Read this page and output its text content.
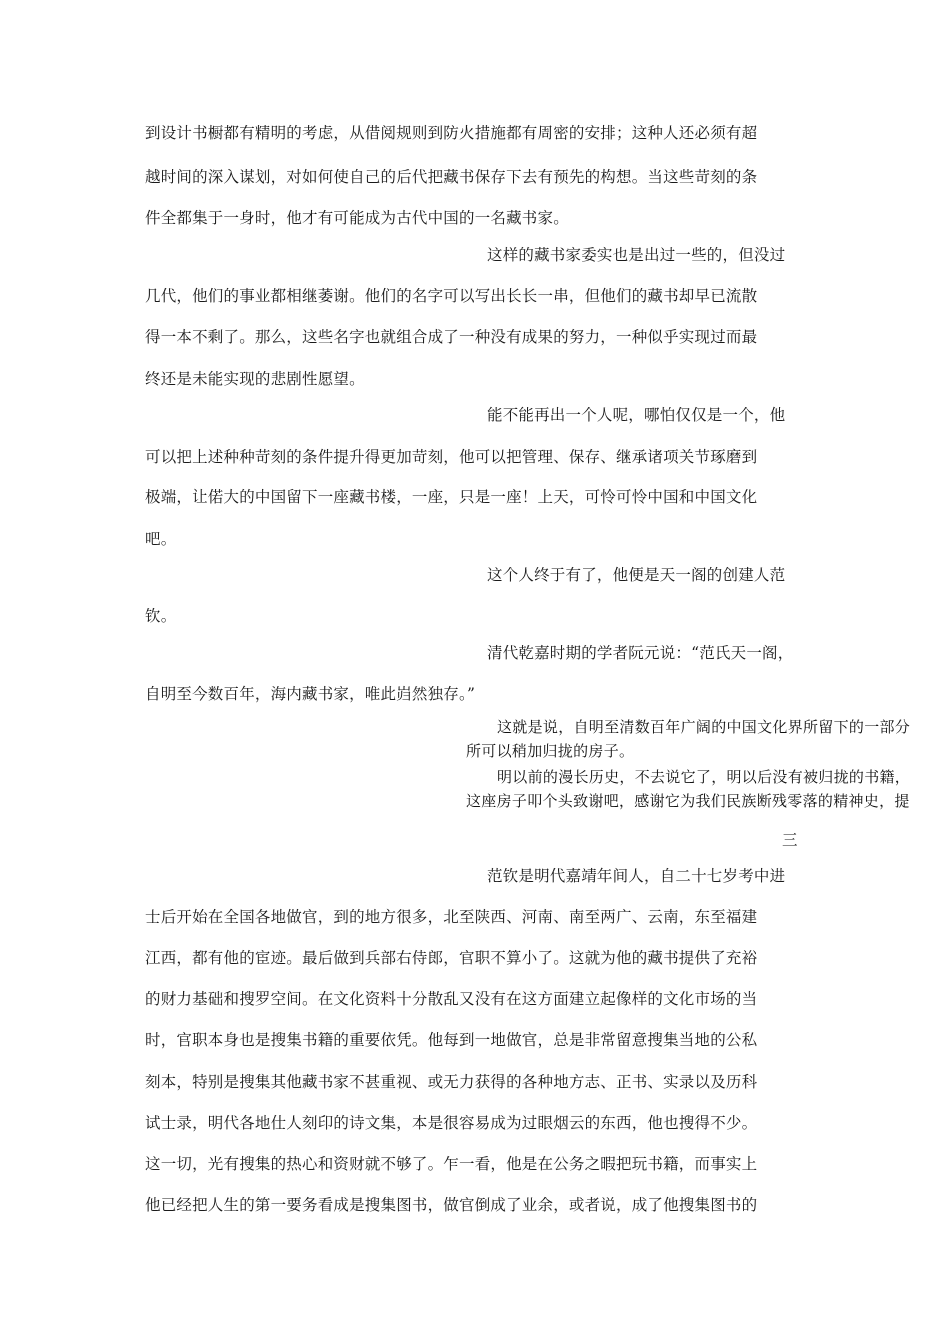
到设计书橱都有精明的考虑，从借阅规则到防火措施都有周密的安排；这种人还必须有超
越时间的深入谋划，对如何使自己的后代把藏书保存下去有预先的构想。当这些苛刻的条
件全都集于一身时，他才有可能成为古代中国的一名藏书家。
这样的藏书家委实也是出过一些的，但没过
几代，他们的事业都相继萎谢。他们的名字可以写出长长一串，但他们的藏书却早已流散
得一本不剩了。那么，这些名字也就组合成了一种没有成果的努力，一种似乎实现过而最
终还是未能实现的悲剧性愿望。
能不能再出一个人呢，哪怕仅仅是一个，他
可以把上述种种苛刻的条件提升得更加苛刻，他可以把管理、保存、继承诸项关节琢磨到
极端，让偌大的中国留下一座藏书楼，一座，只是一座！上天，可怜可怜中国和中国文化
吧。
这个人终于有了，他便是天一阁的创建人范
钦。
清代乾嘉时期的学者阮元说：“范氏天一阁，
自明至今数百年，海内藏书家，唯此岿然独存。”
这就是说，自明至清数百年广阔的中国文化界所留下的一部分
所可以稍加归拢的房子。
明以前的漫长历史，不去说它了，明以后没有被归拢的书籍，
这座房子叩个头致谢吧，感谢它为我们民族断残零落的精神史，提
三
范钦是明代嘉靖年间人，自二十七岁考中进
士后开始在全国各地做官，到的地方很多，北至陕西、河南、南至两广、云南，东至福建
江西，都有他的宦迹。最后做到兵部右侍郎，官职不算小了。这就为他的藏书提供了充裕
的财力基础和搜罗空间。在文化资料十分散乱又没有在这方面建立起像样的文化市场的当
时，官职本身也是搜集书籍的重要依凭。他每到一地做官，总是非常留意搜集当地的公私
刻本，特别是搜集其他藏书家不甚重视、或无力获得的各种地方志、正书、实录以及历科
试士录，明代各地仕人刻印的诗文集，本是很容易成为过眼烟云的东西，他也搜得不少。
这一切，光有搜集的热心和资财就不够了。乍一看，他是在公务之暇把玩书籍，而事实上
他已经把人生的第一要务看成是搜集图书，做官倒成了业余，或者说，成了他搜集图书的
